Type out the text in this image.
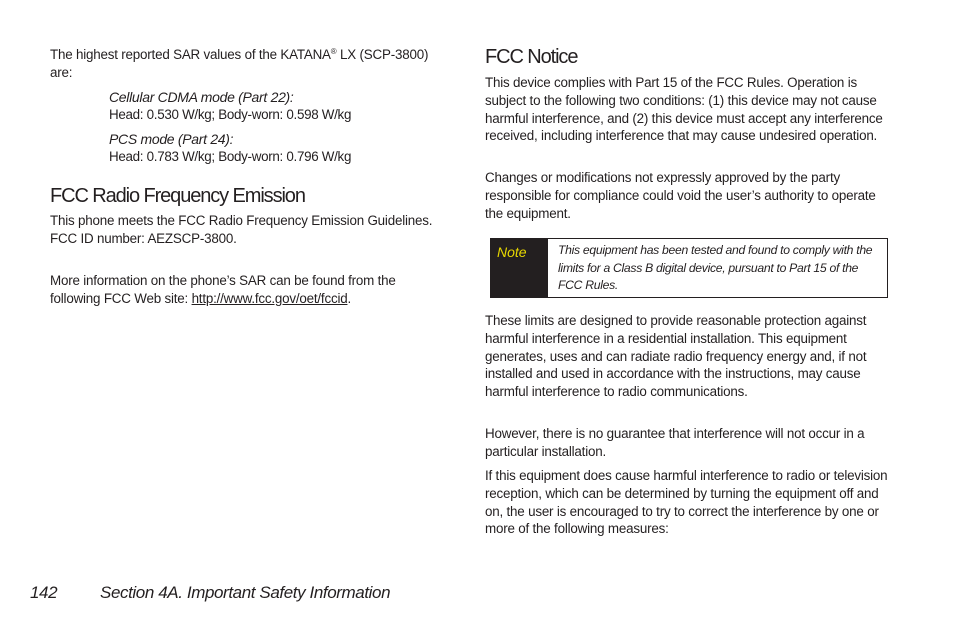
The highest reported SAR values of the KATANA® LX (SCP-3800) are:

Cellular CDMA mode (Part 22):

Head: 0.530 W/kg; Body-worn: 0.598 W/kg

PCS mode (Part 24):

Head: 0.783 W/kg; Body-worn: 0.796 W/kg

FCC Radio Frequency Emission

This phone meets the FCC Radio Frequency Emission Guidelines.

FCC ID number: AEZSCP-3800.

More information on the phone’s SAR can be found from the following FCC Web site: http://www.fcc.gov/oet/fccid.

FCC Notice

This device complies with Part 15 of the FCC Rules. Operation is subject to the following two conditions: (1) this device may not cause harmful interference, and (2) this device must accept any interference received, including interference that may cause undesired operation.

Changes or modifications not expressly approved by the party responsible for compliance could void the user’s authority to operate the equipment.

Note	This equipment has been tested and found to comply with the limits for a Class B digital device, pursuant to Part 15 of the FCC Rules.

These limits are designed to provide reasonable protection against harmful interference in a residential installation. This equipment generates, uses and can radiate radio frequency energy and, if not installed and used in accordance with the instructions, may cause harmful interference to radio communications.

However, there is no guarantee that interference will not occur in a particular installation.

If this equipment does cause harmful interference to radio or television reception, which can be determined by turning the equipment off and on, the user is encouraged to try to correct the interference by one or more of the following measures:

142	Section 4A. Important Safety Information
